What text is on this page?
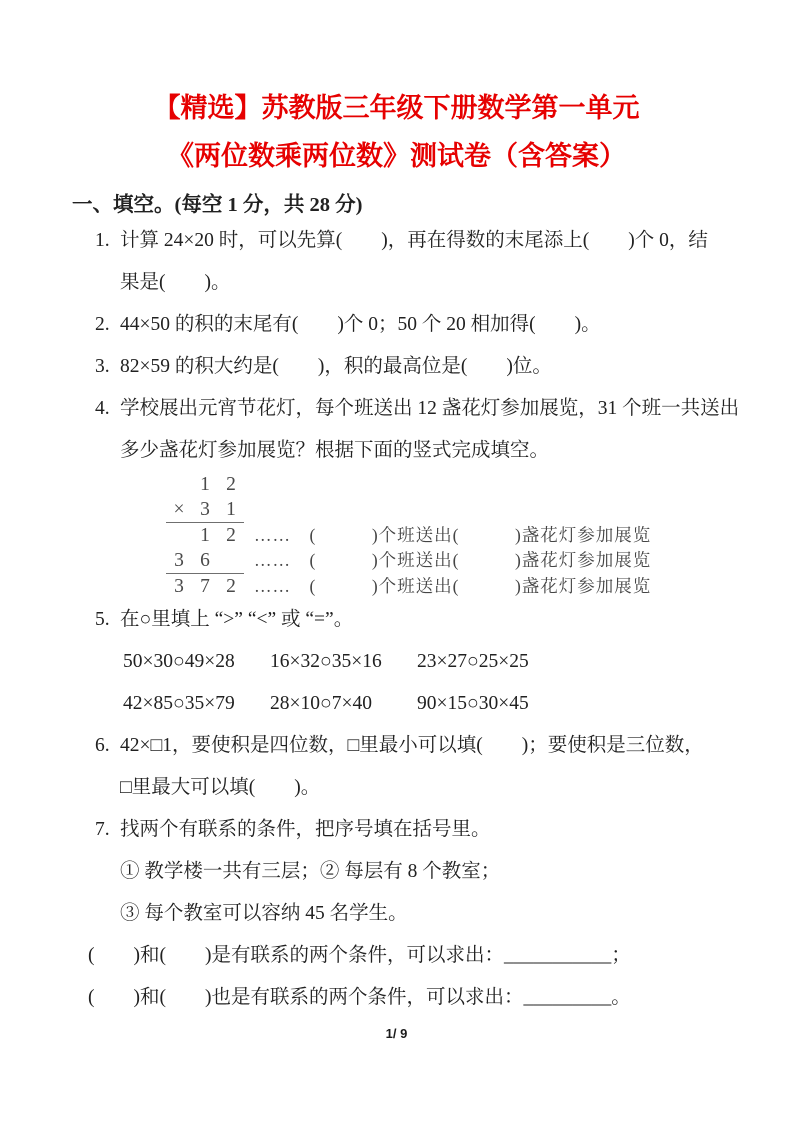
【精选】苏教版三年级下册数学第一单元
《两位数乘两位数》测试卷（含答案）
一、填空。(每空 1 分，共 28 分)
1. 计算 24×20 时，可以先算(　　)，再在得数的末尾添上(　　)个 0，结
果是(　　)。
2. 44×50 的积的末尾有(　　)个 0；50 个 20 相加得(　　)。
3. 82×59 的积大约是(　　)，积的最高位是(　　)位。
4. 学校展出元宵节花灯，每个班送出 12 盏花灯参加展览，31 个班一共送出
多少盏花灯参加展览？根据下面的竖式完成填空。
1 2
× 3 1
1 2 ……　(　　　)个班送出(　　　)盏花灯参加展览
3 6	……　(　　　)个班送出(　　　)盏花灯参加展览
3 7 2 ……　(　　　)个班送出(　　　)盏花灯参加展览
5. 在○里填上 “>” “<” 或 “=”。
50×30○49×28 16×32○35×16 23×27○25×25
42×85○35×79 28×10○7×40 90×15○30×45
6. 42×□1，要使积是四位数，□里最小可以填(　　)；要使积是三位数，
□里最大可以填(　　)。
7. 找两个有联系的条件，把序号填在括号里。
① 教学楼一共有三层；② 每层有 8 个教室；
③ 每个教室可以容纳 45 名学生。
(　　)和(　　)是有联系的两个条件，可以求出：___________；
(　　)和(　　)也是有联系的两个条件，可以求出：_________。
1/ 9
